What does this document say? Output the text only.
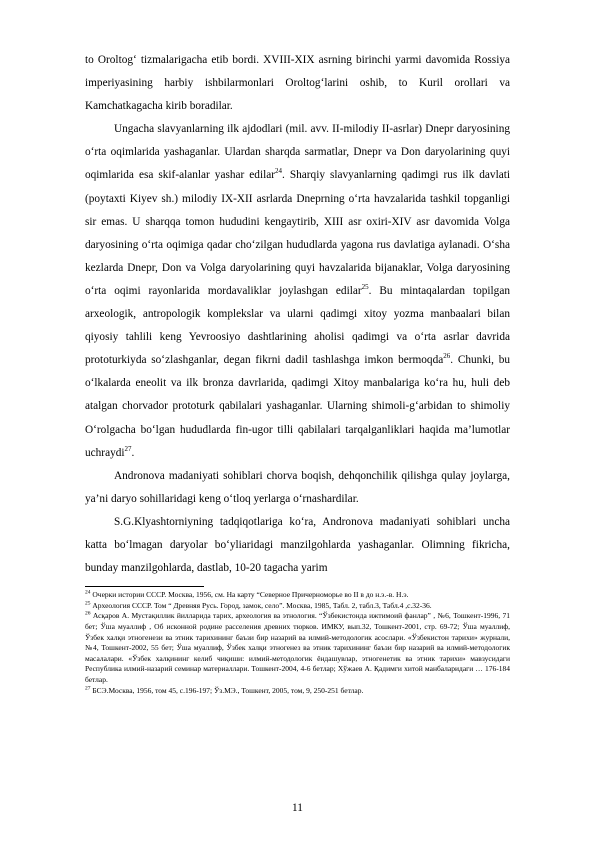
to Oroltog‘ tizmalarigacha etib bordi. XVIII-XIX asrning birinchi yarmi davomida Rossiya imperiyasining harbiy ishbilarmonlari Oroltog‘larini oshib, to Kuril orollari va Kamchatkagacha kirib boradilar.

Ungacha slavyanlarning ilk ajdodlari (mil. avv. II-milodiy II-asrlar) Dnepr daryosining o‘rta oqimlarida yashaganlar. Ulardan sharqda sarmatlar, Dnepr va Don daryolarining quyi oqimlarida esa skif-alanlar yashar edilar$^{24}$. Sharqiy slavyanlarning qadimgi rus ilk davlati (poytaxti Kiyev sh.) milodiy IX-XII asrlarda Dneprning o‘rta havzalarida tashkil topganligi sir emas. U sharqqa tomon hududini kengaytirib, XIII asr oxiri-XIV asr davomida Volga daryosining o‘rta oqimiga qadar cho‘zilgan hududlarda yagona rus davlatiga aylanadi. O‘sha kezlarda Dnepr, Don va Volga daryolarining quyi havzalarida bijanaklar, Volga daryosining o‘rta oqimi rayonlarida mordavaliklar joylashgan edilar$^{25}$. Bu mintaqalardan topilgan arxeologik, antropologik komplekslar va ularni qadimgi xitoy yozma manbaalari bilan qiyosiy tahlili keng Yevroosiyo dashtlarining aholisi qadimgi va o‘rta asrlar davrida prototurkiyda so‘zlashganlar, degan fikrni dadil tashlashga imkon bermoqda$^{26}$. Chunki, bu o‘lkalarda eneolit va ilk bronza davrlarida, qadimgi Xitoy manbalariga ko‘ra hu, huli deb atalgan chorvador prototurk qabilalari yashaganlar. Ularning shimoli-g‘arbidan to shimoliy O‘rolgacha bo‘lgan hududlarda fin-ugor tilli qabilalari tarqalganliklari haqida ma’lumotlar uchraydi$^{27}$.

Andronova madaniyati sohiblari chorva boqish, dehqonchilik qilishga qulay joylarga, ya’ni daryo sohillaridagi keng o‘tloq yerlarga o‘rnashardilar.

S.G.Klyashtorniyning tadqiqotlariga ko‘ra, Andronova madaniyati sohiblari uncha katta bo‘lmagan daryolar bo‘yliaridagi manzilgohlarda yashaganlar. Olimning fikricha, bunday manzilgohlarda, dastlab, 10-20 tagacha yarim

$^{24}$ Очерки истории СССР. Москва, 1956, см. На карту “Северное Причерноморье во II в до н.э.-в. Н.э.

$^{25}$ Археология СССР. Том “ Древняя Русь. Город, замок, село”. Москва, 1985, Табл. 2, табл.3, Табл.4 ,с.32-36.

$^{26}$ Асқаров А. Мустақиллик йилларида тарих, археология ва этнология. “Ўзбекистонда ижтимоий фанлар” , №6, Тошкент-1996, 71 бет; Ўша муаллиф , Об исконной родине расселения древних тюрков. ИМКУ, вып.32, Тошкент-2001, стр. 69-72; Ўша муаллиф, Ўзбек халқи этногенези ва этник тарихининг баъзи бир назарий ва илмий-методологик асослари. «Ўзбекистон тарихи» журнали, №4, Тошкент-2002, 55 бет; Ўша муаллиф, Ўзбек халқи этногенез ва этник тарихининг баъзи бир назарий ва илмий-методологик масалалари. «Ўзбек халқининг келиб чиқиши: илмий-методологик ёндашувлар, этногенетик ва этник тарихи» мавзусидаги Республика илмий-назарий семинар материаллари. Тошкент-2004, 4-6 бетлар; Хўжаев А. Қадимги хитой манбаларидаги … 176-184 бетлар.

$^{27}$ БСЭ.Москва, 1956, том 45, с.196-197; Ўз.МЭ., Тошкент, 2005, том, 9, 250-251 бетлар.

11
